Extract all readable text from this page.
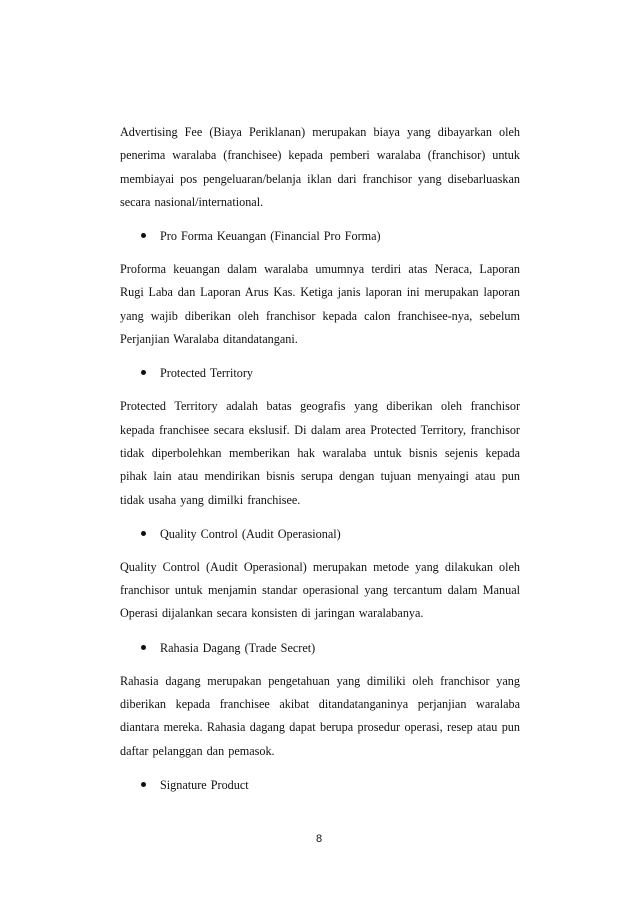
Advertising Fee (Biaya Periklanan) merupakan biaya yang dibayarkan oleh penerima waralaba (franchisee) kepada pemberi waralaba (franchisor) untuk membiayai pos pengeluaran/belanja iklan dari franchisor yang disebarluaskan secara nasional/international.

Pro Forma Keuangan (Financial Pro Forma)

Proforma keuangan dalam waralaba umumnya terdiri atas Neraca, Laporan Rugi Laba dan Laporan Arus Kas. Ketiga janis laporan ini merupakan laporan yang wajib diberikan oleh franchisor kepada calon franchisee-nya, sebelum Perjanjian Waralaba ditandatangani.

Protected Territory

Protected Territory adalah batas geografis yang diberikan oleh franchisor kepada franchisee secara ekslusif. Di dalam area Protected Territory, franchisor tidak diperbolehkan memberikan hak waralaba untuk bisnis sejenis kepada pihak lain atau mendirikan bisnis serupa dengan tujuan menyaingi atau pun tidak usaha yang dimilki franchisee.

Quality Control (Audit Operasional)

Quality Control (Audit Operasional) merupakan metode yang dilakukan oleh franchisor untuk menjamin standar operasional yang tercantum dalam Manual Operasi dijalankan secara konsisten di jaringan waralabanya.

Rahasia Dagang (Trade Secret)

Rahasia dagang merupakan pengetahuan yang dimiliki oleh franchisor yang diberikan kepada franchisee akibat ditandatanganinya perjanjian waralaba diantara mereka. Rahasia dagang dapat berupa prosedur operasi, resep atau pun daftar pelanggan dan pemasok.

Signature Product
8
